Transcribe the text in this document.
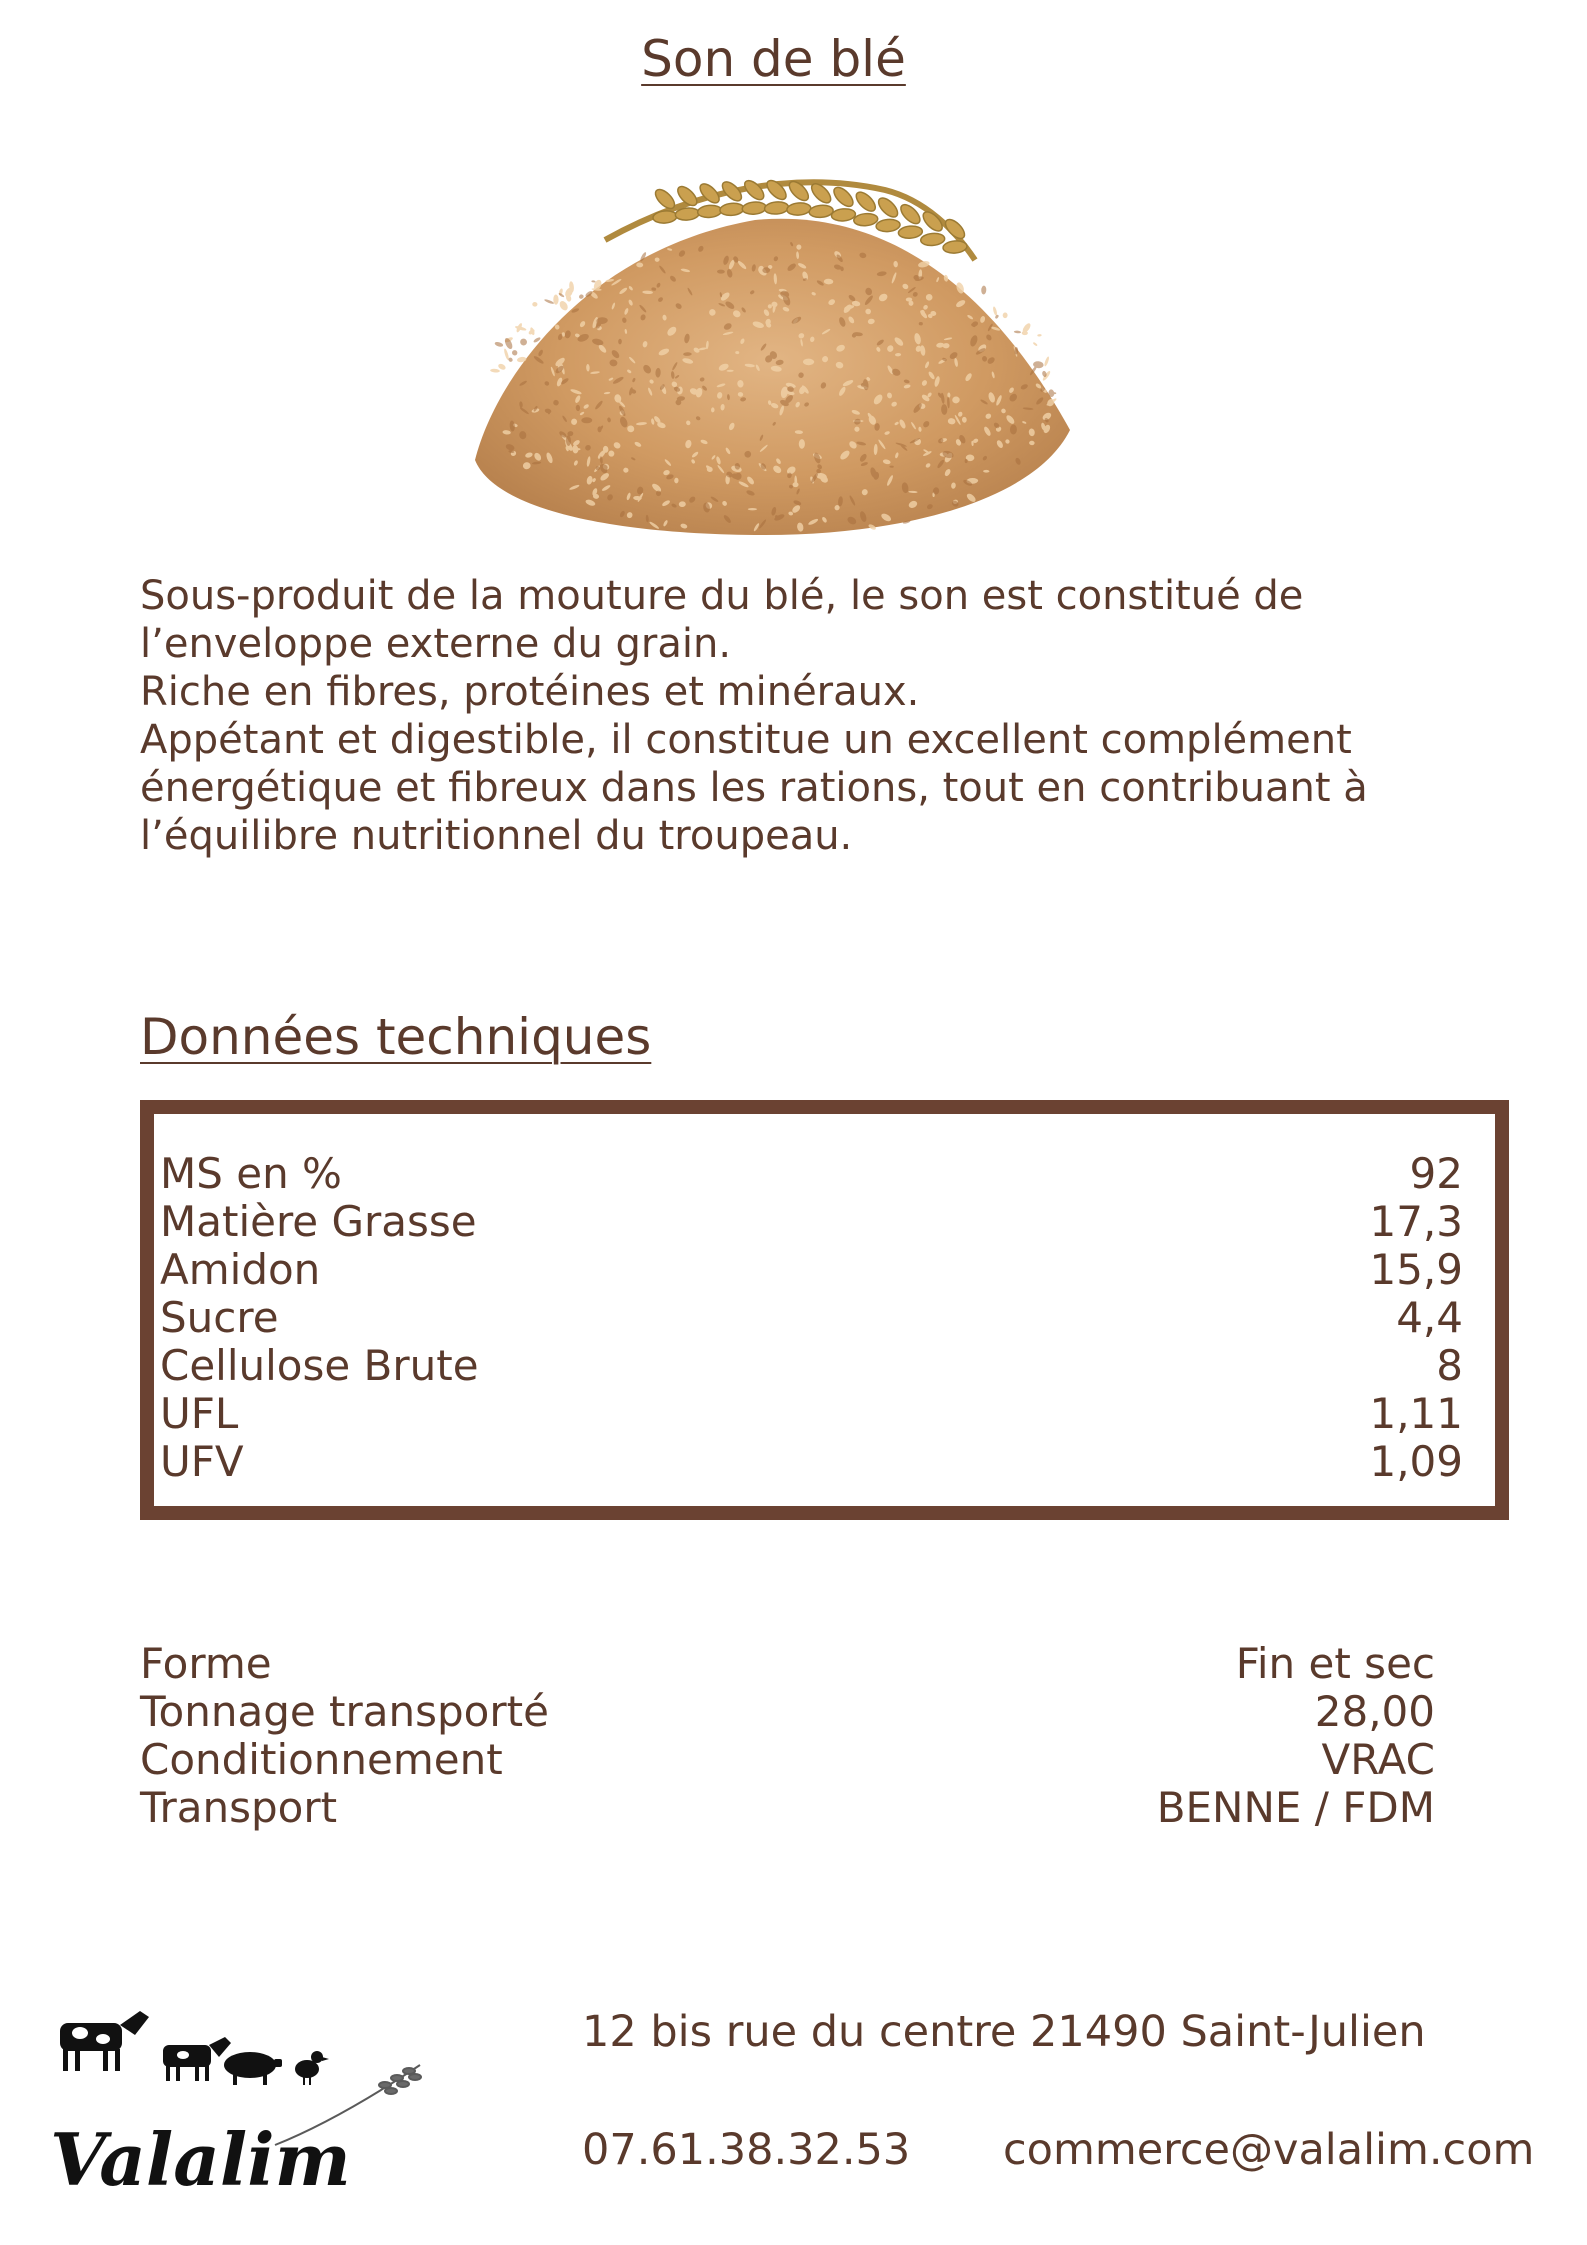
Son de blé

Sous-produit de la mouture du blé, le son est constitué de l’enveloppe externe du grain.

Riche en fibres, protéines et minéraux.

Appétant et digestible, il constitue un excellent complément énergétique et fibreux dans les rations, tout en contribuant à l’équilibre nutritionnel du troupeau.

Données techniques
MS en %	92
Matière Grasse	17,3
Amidon	15,9
Sucre	4,4
Cellulose Brute	8
UFL	1,11
UFV	1,09
Forme	Fin et sec
Tonnage transporté	28,00
Conditionnement	VRAC
Transport	BENNE / FDM
Valalim
12 bis rue du centre 21490 Saint-Julien
07.61.38.32.53 commerce@valalim.com
